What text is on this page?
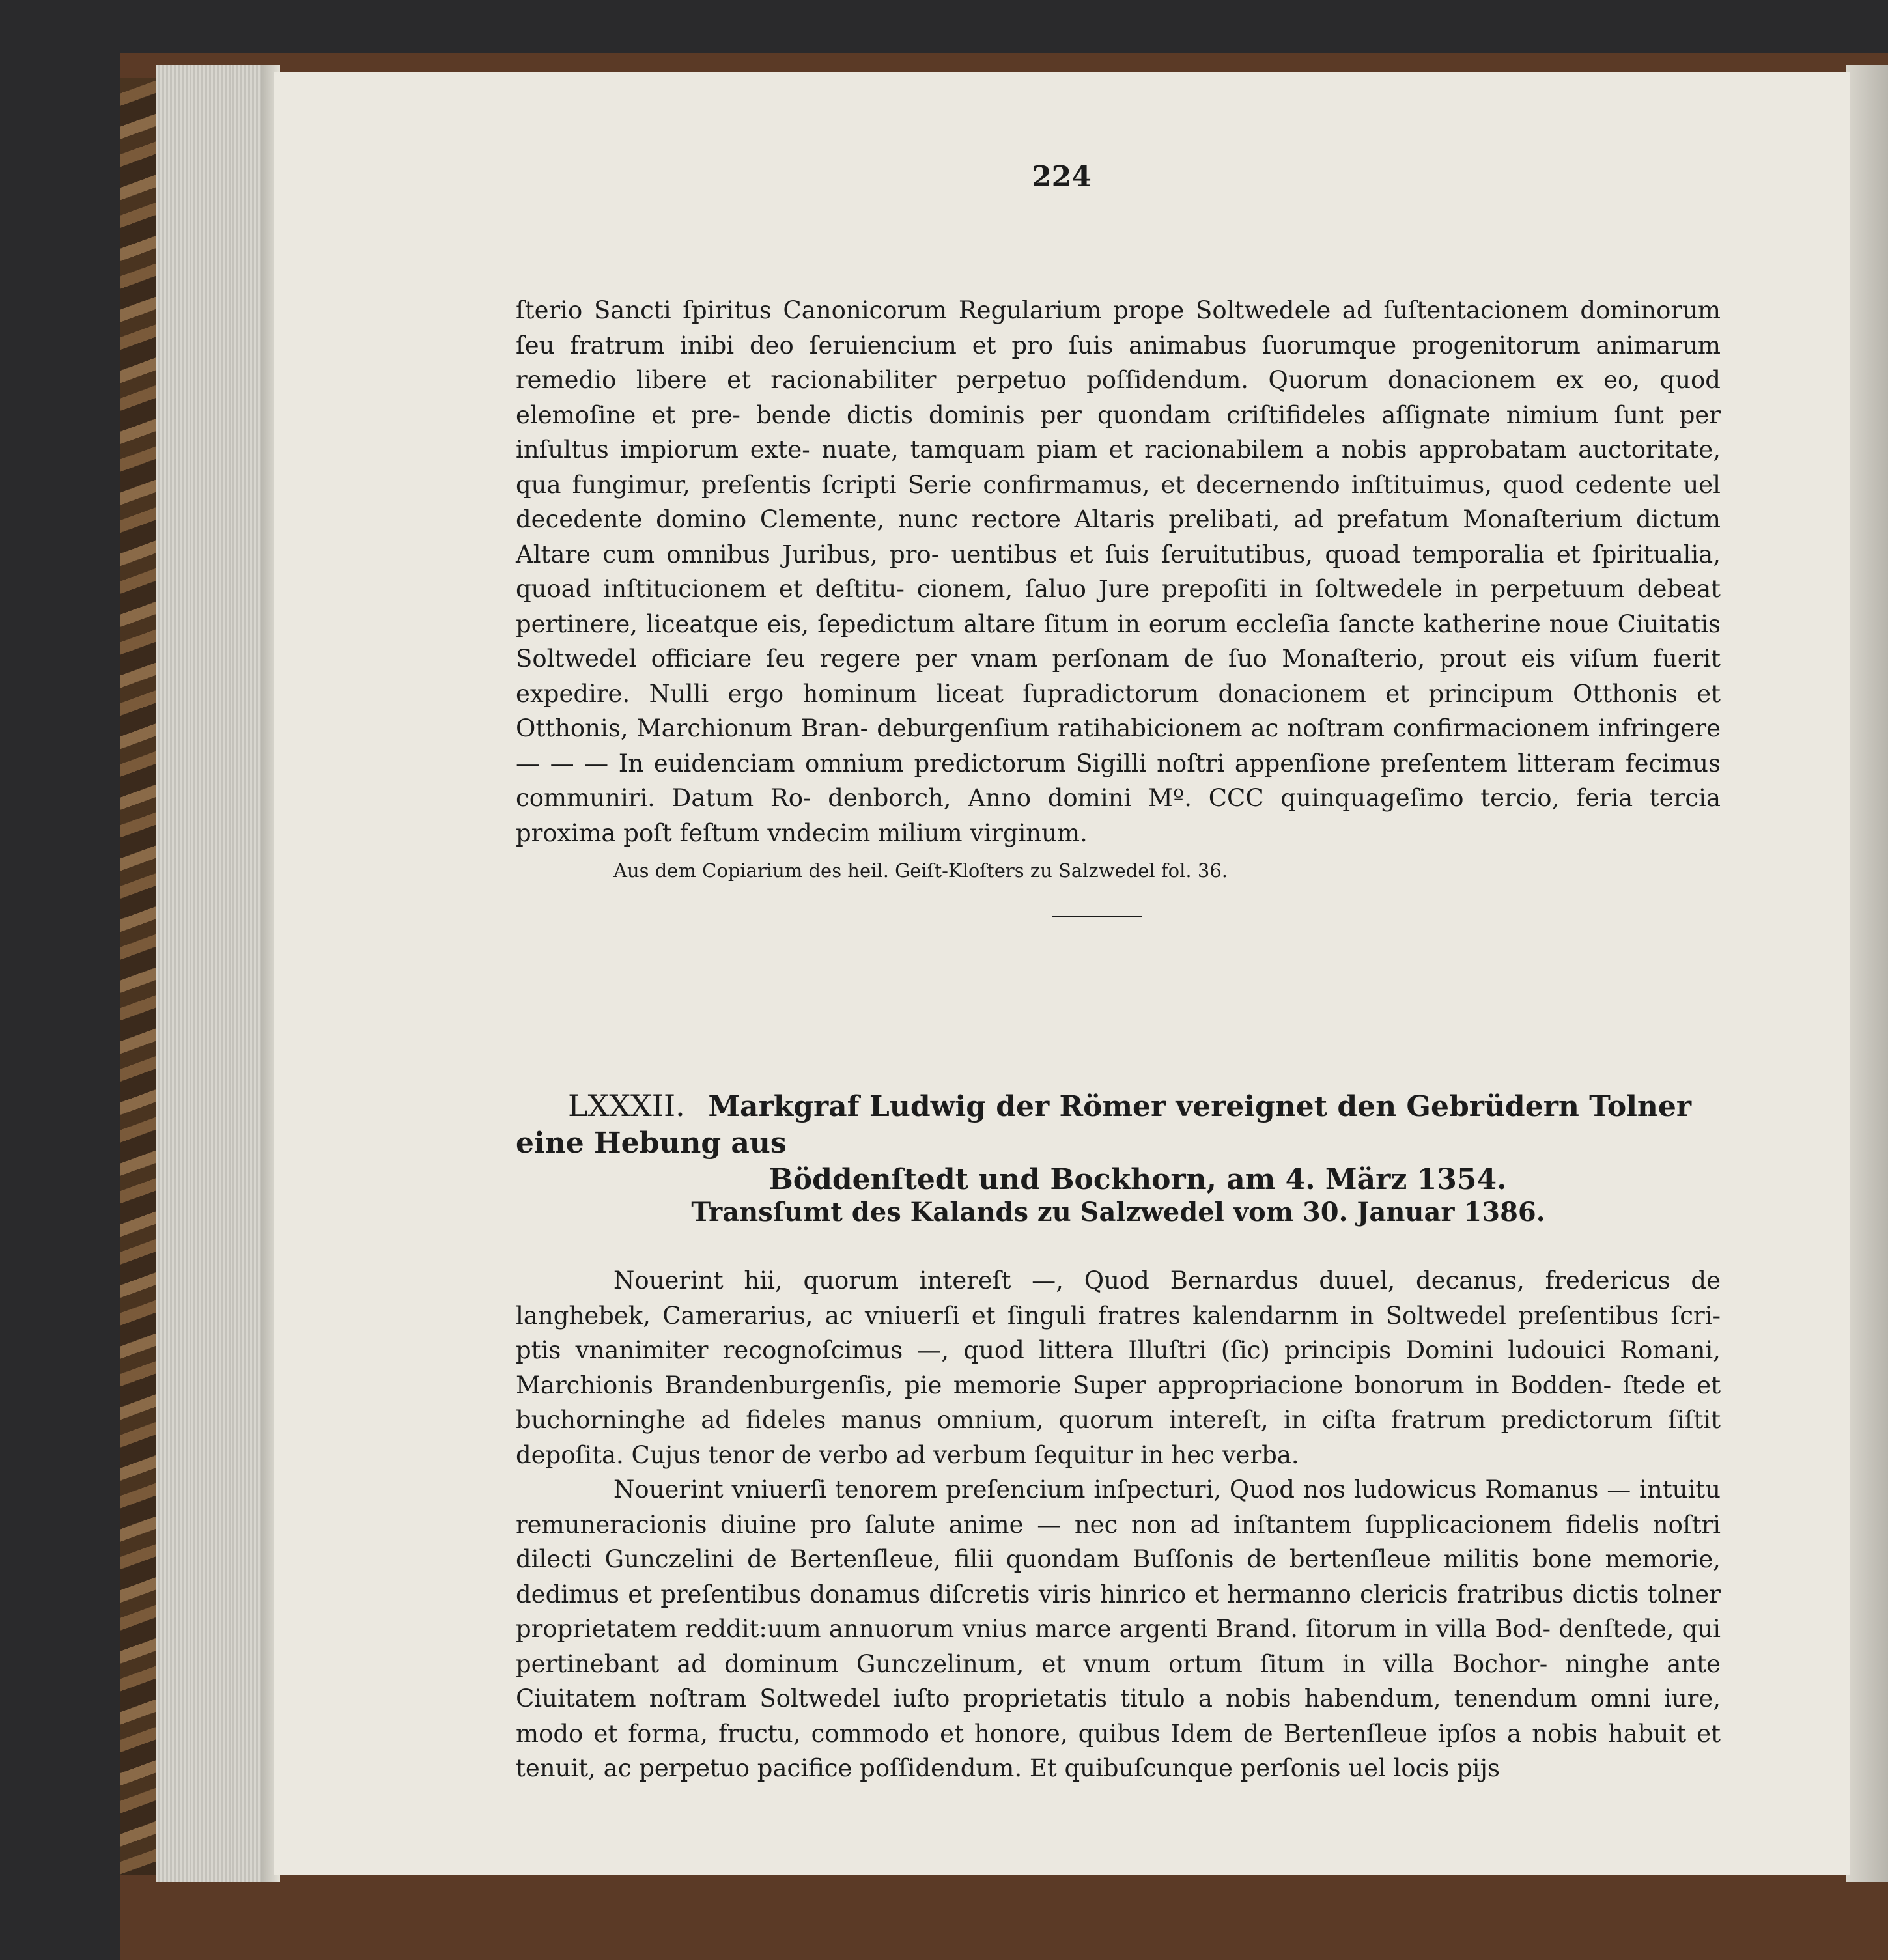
224

ſterio Sancti ſpiritus Canonicorum Regularium prope Soltwedele ad ſuſtentacionem dominorum ſeu fratrum inibi deo ſeruiencium et pro ſuis animabus ſuorumque progenitorum animarum remedio libere et racionabiliter perpetuo poſſidendum. Quorum donacionem ex eo, quod elemoſine et pre- bende dictis dominis per quondam criſtifideles aſſignate nimium ſunt per inſultus impiorum exte- nuate, tamquam piam et racionabilem a nobis approbatam auctoritate, qua fungimur, preſentis ſcripti Serie confirmamus, et decernendo inſtituimus, quod cedente uel decedente domino Clemente, nunc rectore Altaris prelibati, ad prefatum Monaſterium dictum Altare cum omnibus Juribus, pro- uentibus et ſuis ſeruitutibus, quoad temporalia et ſpiritualia, quoad inſtitucionem et deſtitu- cionem, ſaluo Jure prepoſiti in ſoltwedele in perpetuum debeat pertinere, liceatque eis, ſepedictum altare ſitum in eorum eccleſia ſancte katherine noue Ciuitatis Soltwedel officiare ſeu regere per vnam perſonam de ſuo Monaſterio, prout eis viſum fuerit expedire. Nulli ergo hominum liceat ſupradictorum donacionem et principum Otthonis et Otthonis, Marchionum Bran- deburgenſium ratihabicionem ac noſtram confirmacionem infringere — — — In euidenciam omnium predictorum Sigilli noſtri appenſione preſentem litteram fecimus communiri. Datum Ro- denborch, Anno domini Mº. CCC quinquageſimo tercio, feria tercia proxima poſt feſtum vndecim milium virginum.

Aus dem Copiarium des heil. Geiſt-Kloſters zu Salzwedel fol. 36.

LXXXII. Markgraf Ludwig der Römer vereignet den Gebrüdern Tolner eine Hebung aus
Böddenſtedt und Bockhorn, am 4. März 1354.
Transſumt des Kalands zu Salzwedel vom 30. Januar 1386.

Nouerint hii, quorum intereſt —, Quod Bernardus duuel, decanus, fredericus de langhebek, Camerarius, ac vniuerſi et ſinguli fratres kalendarnm in Soltwedel preſentibus ſcri- ptis vnanimiter recognoſcimus —, quod littera Illuſtri (ſic) principis Domini ludouici Romani, Marchionis Brandenburgenſis, pie memorie Super appropriacione bonorum in Bodden- ſtede et buchorninghe ad fideles manus omnium, quorum intereſt, in ciſta fratrum predictorum ſiſtit depoſita. Cujus tenor de verbo ad verbum ſequitur in hec verba.

Nouerint vniuerſi tenorem preſencium inſpecturi, Quod nos ludowicus Romanus — intuitu remuneracionis diuine pro ſalute anime — nec non ad inſtantem ſupplicacionem fidelis noſtri dilecti Gunczelini de Bertenſleue, filii quondam Buſſonis de bertenſleue militis bone memorie, dedimus et preſentibus donamus diſcretis viris hinrico et hermanno clericis fratribus dictis tolner proprietatem reddit:uum annuorum vnius marce argenti Brand. ſitorum in villa Bod- denſtede, qui pertinebant ad dominum Gunczelinum, et vnum ortum ſitum in villa Bochor- ninghe ante Ciuitatem noſtram Soltwedel iuſto proprietatis titulo a nobis habendum, tenendum omni iure, modo et forma, fructu, commodo et honore, quibus Idem de Bertenſleue ipſos a nobis habuit et tenuit, ac perpetuo pacifice poſſidendum. Et quibuſcunque perſonis uel locis pijs
